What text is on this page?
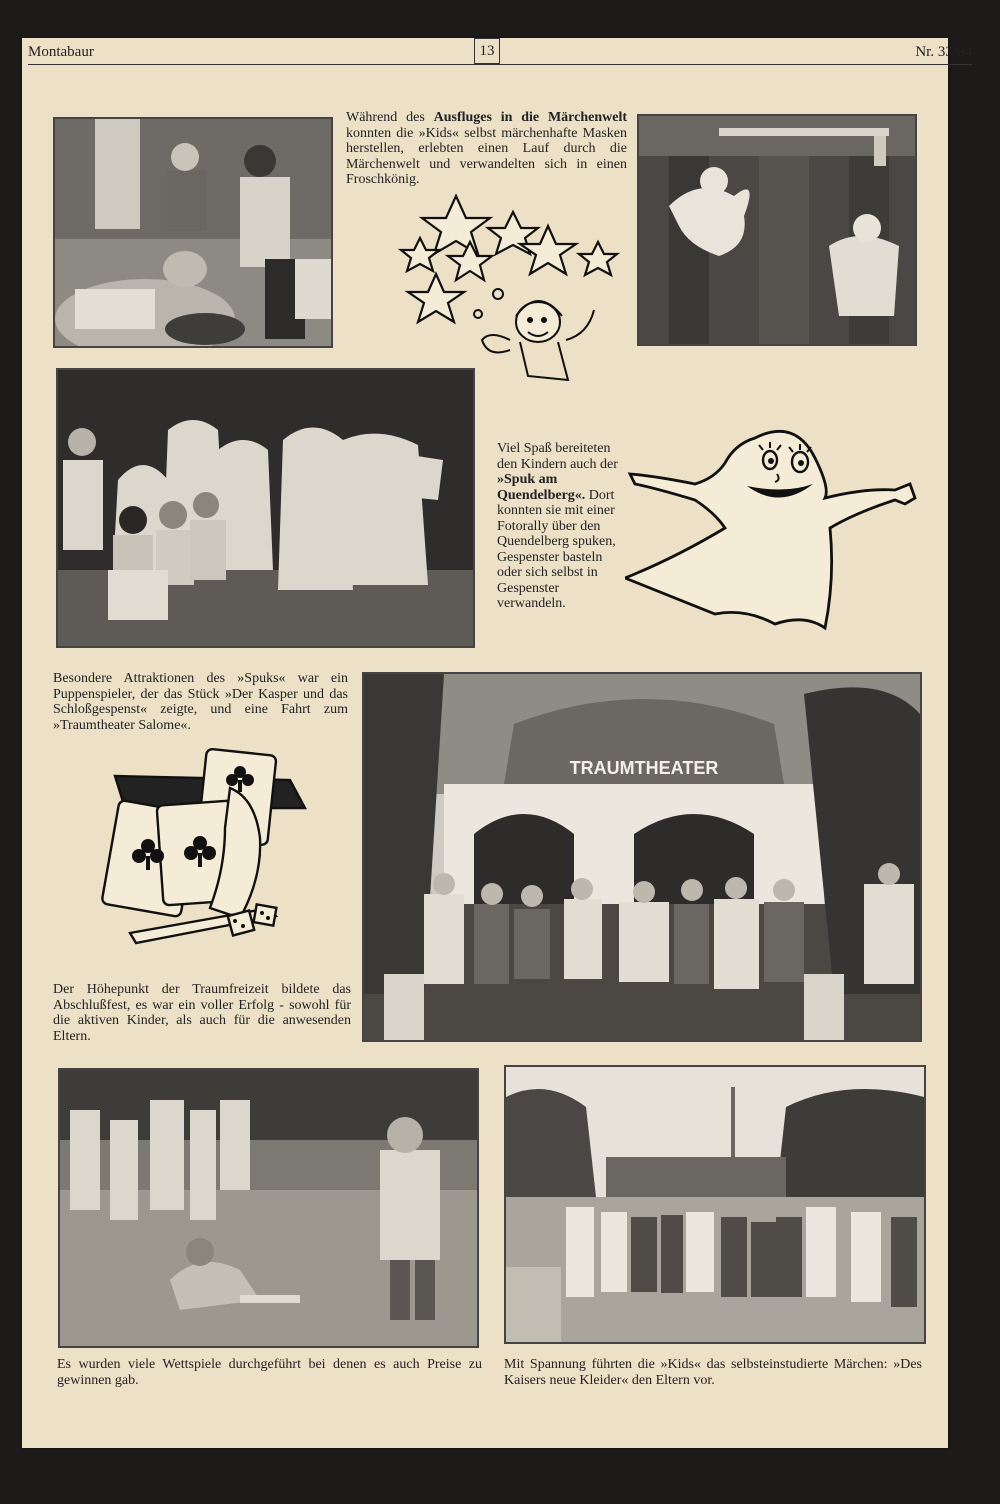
Montabaur	13	Nr. 33/94
Während des Ausfluges in die Märchenwelt konnten die »Kids« selbst märchenhafte Masken herstellen, erlebten einen Lauf durch die Märchenwelt und verwandelten sich in einen Froschkönig.
Viel Spaß bereiteten den Kindern auch der »Spuk am Quendelberg«. Dort konnten sie mit einer Fotorally über den Quendelberg spuken, Gespenster basteln oder sich selbst in Gespenster verwandeln.
Besondere Attraktionen des »Spuks« war ein Puppenspieler, der das Stück »Der Kasper und das Schloßgespenst« zeigte, und eine Fahrt zum »Traumtheater Salome«.
Der Höhepunkt der Traumfreizeit bildete das Abschlußfest, es war ein voller Erfolg - sowohl für die aktiven Kinder, als auch für die anwesenden Eltern.
TRAUMTHEATER
Es wurden viele Wettspiele durchgeführt bei denen es auch Preise zu gewinnen gab.
Mit Spannung führten die »Kids« das selbsteinstudierte Märchen: »Des Kaisers neue Kleider« den Eltern vor.
